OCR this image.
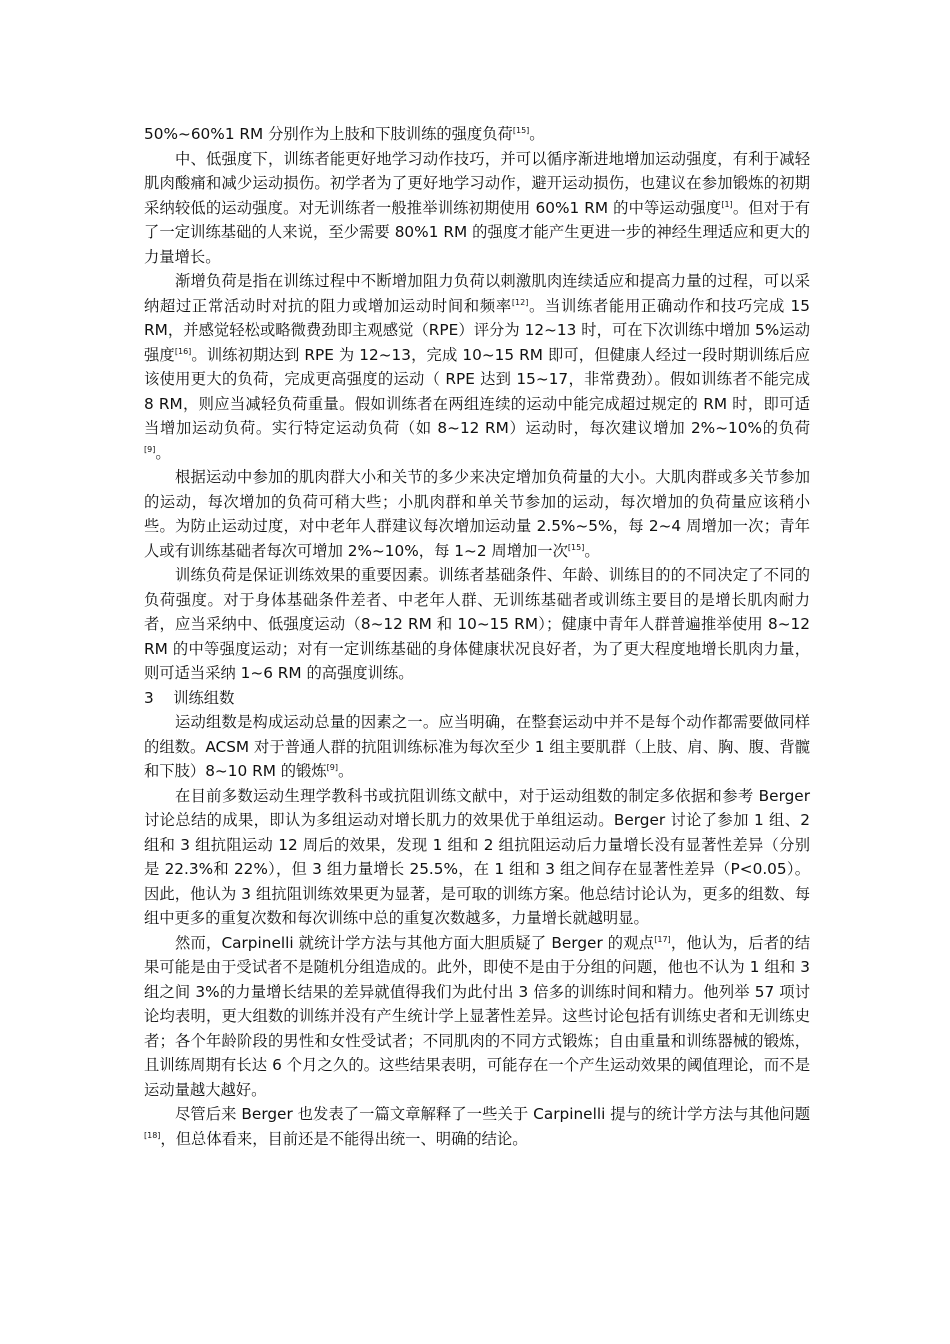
50%~60%1 RM 分别作为上肢和下肢训练的强度负荷[15]。

中、低强度下，训练者能更好地学习动作技巧，并可以循序渐进地增加运动强度，有利于减轻肌肉酸痛和减少运动损伤。初学者为了更好地学习动作，避开运动损伤，也建议在参加锻炼的初期采纳较低的运动强度。对无训练者一般推举训练初期使用 60%1 RM 的中等运动强度[1]。但对于有了一定训练基础的人来说，至少需要 80%1 RM 的强度才能产生更进一步的神经生理适应和更大的力量增长。

渐增负荷是指在训练过程中不断增加阻力负荷以刺激肌肉连续适应和提高力量的过程，可以采纳超过正常活动时对抗的阻力或增加运动时间和频率[12]。当训练者能用正确动作和技巧完成 15 RM，并感觉轻松或略微费劲即主观感觉（RPE）评分为 12~13 时，可在下次训练中增加 5%运动强度[16]。训练初期达到 RPE 为 12~13，完成 10~15 RM 即可，但健康人经过一段时期训练后应该使用更大的负荷，完成更高强度的运动（ RPE 达到 15~17，非常费劲）。假如训练者不能完成 8 RM，则应当减轻负荷重量。假如训练者在两组连续的运动中能完成超过规定的 RM 时，即可适当增加运动负荷。实行特定运动负荷（如 8~12 RM）运动时，每次建议增加 2%~10%的负荷[9]。

根据运动中参加的肌肉群大小和关节的多少来决定增加负荷量的大小。大肌肉群或多关节参加的运动，每次增加的负荷可稍大些；小肌肉群和单关节参加的运动，每次增加的负荷量应该稍小些。为防止运动过度，对中老年人群建议每次增加运动量 2.5%~5%，每 2~4 周增加一次；青年人或有训练基础者每次可增加 2%~10%，每 1~2 周增加一次[15]。

训练负荷是保证训练效果的重要因素。训练者基础条件、年龄、训练目的的不同决定了不同的负荷强度。对于身体基础条件差者、中老年人群、无训练基础者或训练主要目的是增长肌肉耐力者，应当采纳中、低强度运动（8~12 RM 和 10~15 RM）；健康中青年人群普遍推举使用 8~12 RM 的中等强度运动；对有一定训练基础的身体健康状况良好者，为了更大程度地增长肌肉力量，则可适当采纳 1~6 RM 的高强度训练。

3 训练组数

运动组数是构成运动总量的因素之一。应当明确，在整套运动中并不是每个动作都需要做同样的组数。ACSM 对于普通人群的抗阻训练标准为每次至少 1 组主要肌群（上肢、肩、胸、腹、背髋和下肢）8~10 RM 的锻炼[9]。

在目前多数运动生理学教科书或抗阻训练文献中，对于运动组数的制定多依据和参考 Berger 讨论总结的成果，即认为多组运动对增长肌力的效果优于单组运动。Berger 讨论了参加 1 组、2 组和 3 组抗阻运动 12 周后的效果，发现 1 组和 2 组抗阻运动后力量增长没有显著性差异（分别是 22.3%和 22%），但 3 组力量增长 25.5%，在 1 组和 3 组之间存在显著性差异（P<0.05）。因此，他认为 3 组抗阻训练效果更为显著，是可取的训练方案。他总结讨论认为，更多的组数、每组中更多的重复次数和每次训练中总的重复次数越多，力量增长就越明显。

然而，Carpinelli 就统计学方法与其他方面大胆质疑了 Berger 的观点[17]，他认为，后者的结果可能是由于受试者不是随机分组造成的。此外，即使不是由于分组的问题，他也不认为 1 组和 3 组之间 3%的力量增长结果的差异就值得我们为此付出 3 倍多的训练时间和精力。他列举 57 项讨论均表明，更大组数的训练并没有产生统计学上显著性差异。这些讨论包括有训练史者和无训练史者；各个年龄阶段的男性和女性受试者；不同肌肉的不同方式锻炼；自由重量和训练器械的锻炼，且训练周期有长达 6 个月之久的。这些结果表明，可能存在一个产生运动效果的阈值理论，而不是运动量越大越好。

尽管后来 Berger 也发表了一篇文章解释了一些关于 Carpinelli 提与的统计学方法与其他问题[18]，但总体看来，目前还是不能得出统一、明确的结论。
